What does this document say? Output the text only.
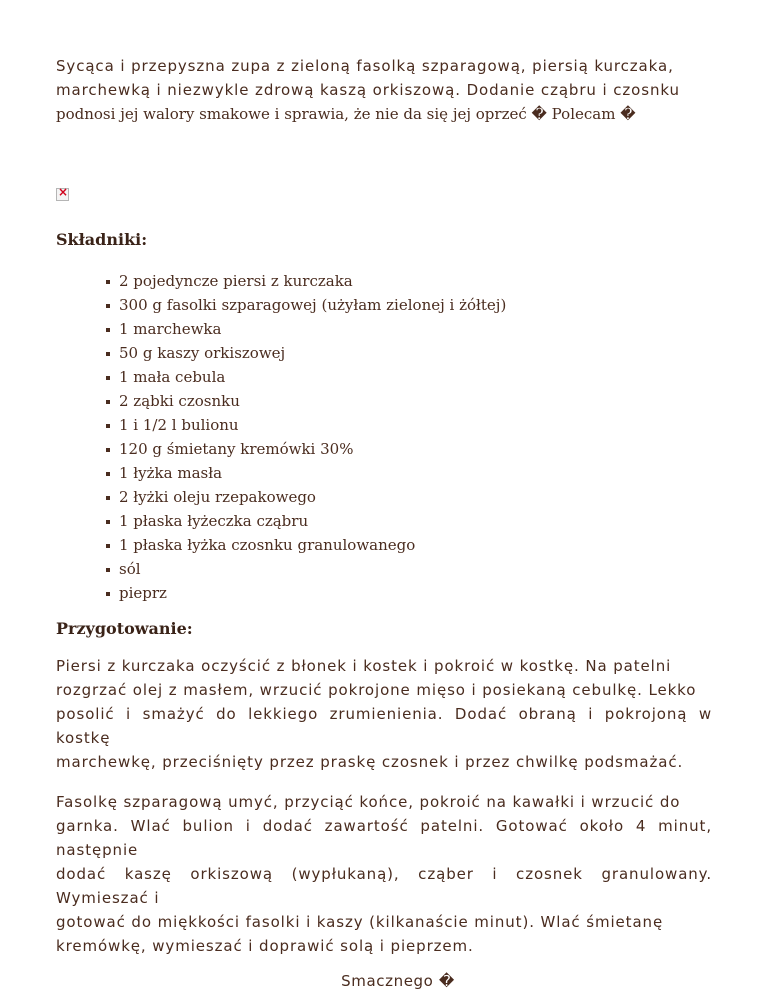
Sycąca i przepyszna zupa z zieloną fasolką szparagową, piersią kurczaka,

marchewką i niezwykle zdrową kaszą orkiszową. Dodanie cząbru i czosnku

podnosi jej walory smakowe i sprawia, że nie da się jej oprzeć � Polecam �

×
Składniki:
2 pojedyncze piersi z kurczaka
300 g fasolki szparagowej (użyłam zielonej i żółtej)
1 marchewka
50 g kaszy orkiszowej
1 mała cebula
2 ząbki czosnku
1 i 1/2 l bulionu
120 g śmietany kremówki 30%
1 łyżka masła
2 łyżki oleju rzepakowego
1 płaska łyżeczka cząbru
1 płaska łyżka czosnku granulowanego
sól
pieprz
Przygotowanie:

Piersi z kurczaka oczyścić z błonek i kostek i pokroić w kostkę. Na patelni

rozgrzać olej z masłem, wrzucić pokrojone mięso i posiekaną cebulkę. Lekko

posolić i smażyć do lekkiego zrumienienia. Dodać obraną i pokrojoną w kostkę

marchewkę, przeciśnięty przez praskę czosnek i przez chwilkę podsmażać.

Fasolkę szparagową umyć, przyciąć końce, pokroić na kawałki i wrzucić do

garnka. Wlać bulion i dodać zawartość patelni. Gotować około 4 minut, następnie

dodać kaszę orkiszową (wypłukaną), cząber i czosnek granulowany. Wymieszać i

gotować do miękkości fasolki i kaszy (kilkanaście minut). Wlać śmietanę

kremówkę, wymieszać i doprawić solą i pieprzem.

Smacznego �
